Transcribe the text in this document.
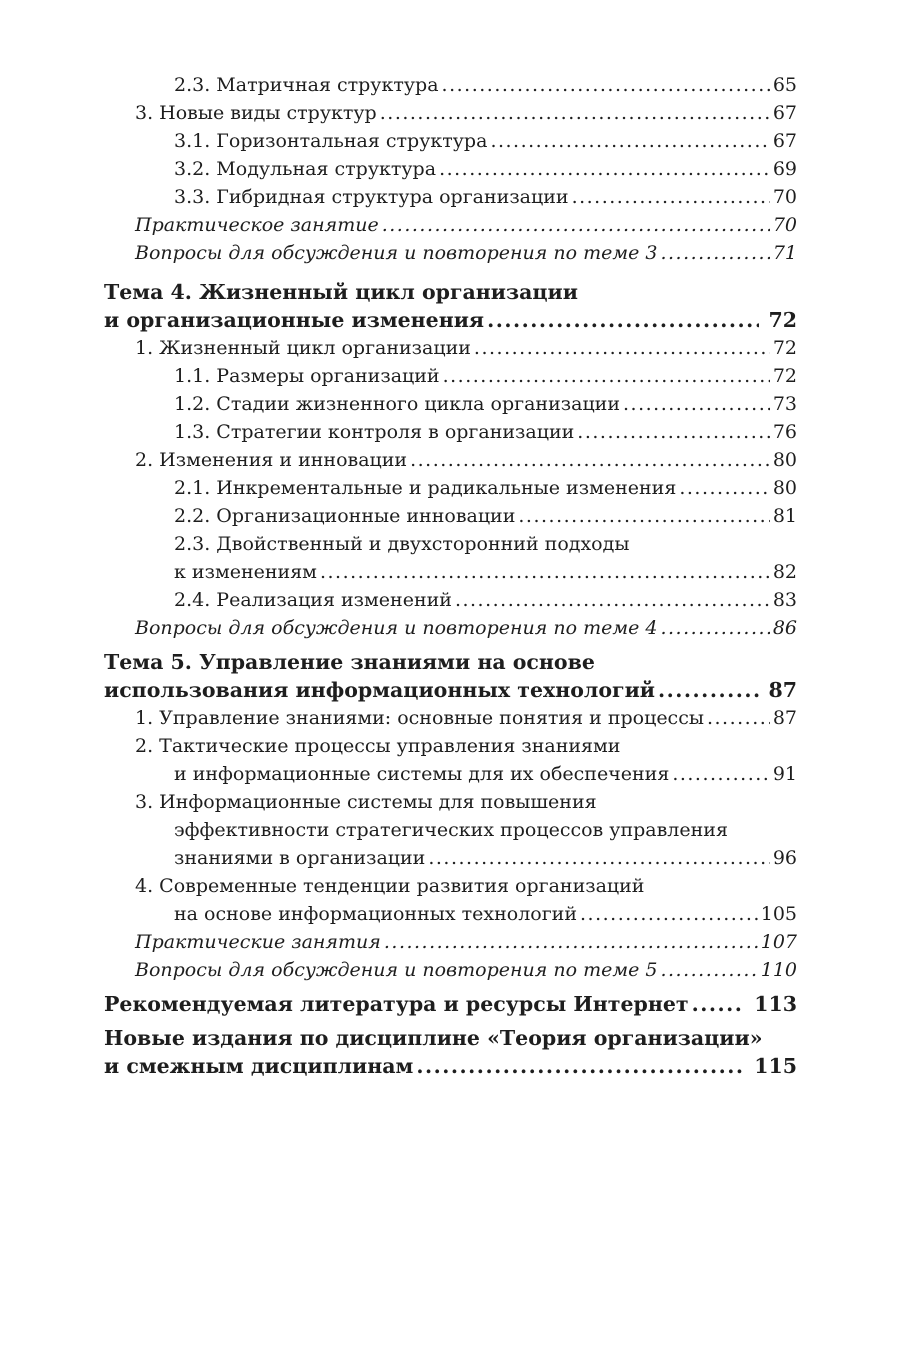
2.3. Матричная структура .....	65
3. Новые виды структур .....	67
3.1. Горизонтальная структура .....	67
3.2. Модульная структура .....	69
3.3. Гибридная структура организации .....	70
Практическое занятие .....	70
Вопросы для обсуждения и повторения по теме 3 .....	71
Тема 4. Жизненный цикл организации
и организационные изменения .....	72
1. Жизненный цикл организации .....	72
1.1. Размеры организаций .....	72
1.2. Стадии жизненного цикла организации .....	73
1.3. Стратегии контроля в организации .....	76
2. Изменения и инновации .....	80
2.1. Инкрементальные и радикальные изменения .....	80
2.2. Организационные инновации .....	81
2.3. Двойственный и двухсторонний подходы
к изменениям .....	82
2.4. Реализация изменений .....	83
Вопросы для обсуждения и повторения по теме 4 .....	86
Тема 5. Управление знаниями на основе
использования информационных технологий .....	87
1. Управление знаниями: основные понятия и процессы .....	87
2. Тактические процессы управления знаниями
и информационные системы для их обеспечения .....	91
3. Информационные системы для повышения
эффективности стратегических процессов управления
знаниями в организации .....	96
4. Современные тенденции развития организаций
на основе информационных технологий .....	105
Практические занятия .....	107
Вопросы для обсуждения и повторения по теме 5 .....	110
Рекомендуемая литература и ресурсы Интернет .....	113
Новые издания по дисциплине «Теория организации»
и смежным дисциплинам .....	115
